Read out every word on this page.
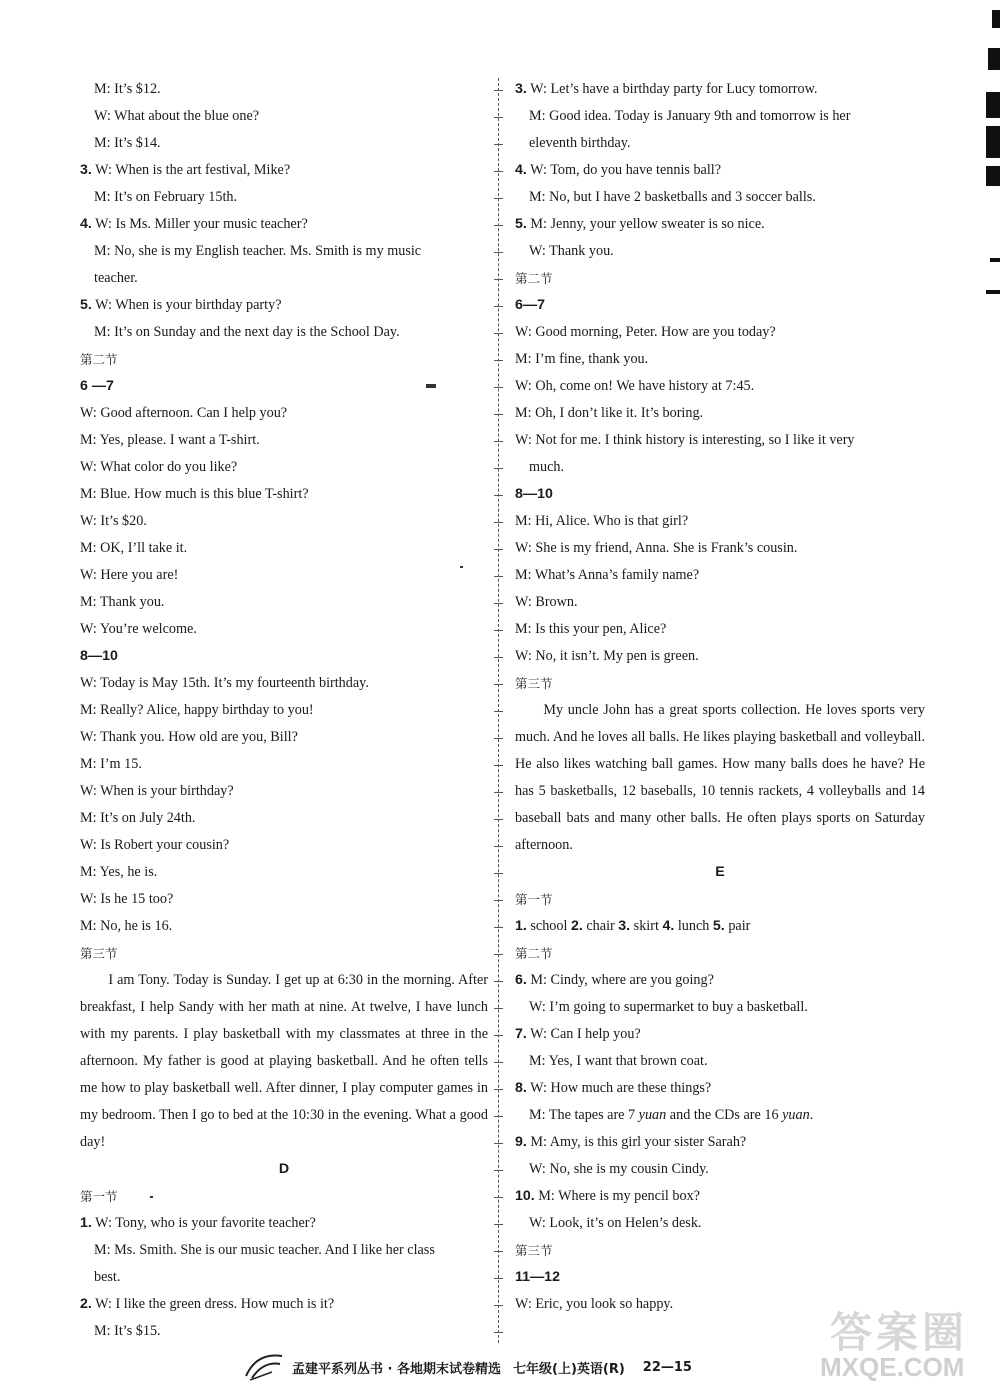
M: It’s $12.
W: What about the blue one?
M: It’s $14.
3. W: When is the art festival, Mike?
M: It’s on February 15th.
4. W: Is Ms. Miller your music teacher?
M: No, she is my English teacher. Ms. Smith is my music
teacher.
5. W: When is your birthday party?
M: It’s on Sunday and the next day is the School Day.
第二节
6 —7
W: Good afternoon. Can I help you?
M: Yes, please. I want a T-shirt.
W: What color do you like?
M: Blue. How much is this blue T-shirt?
W: It’s $20.
M: OK, I’ll take it.
W: Here you are!
M: Thank you.
W: You’re welcome.
8—10
W: Today is May 15th. It’s my fourteenth birthday.
M: Really? Alice, happy birthday to you!
W: Thank you. How old are you, Bill?
M: I’m 15.
W: When is your birthday?
M: It’s on July 24th.
W: Is Robert your cousin?
M: Yes, he is.
W: Is he 15 too?
M: No, he is 16.
第三节
I am Tony. Today is Sunday. I get up at 6:30 in the morning. After breakfast, I help Sandy with her math at nine. At twelve, I have lunch with my parents. I play basketball with my classmates at three in the afternoon. My father is good at playing basketball. And he often tells me how to play basketball well. After dinner, I play computer games in my bedroom. Then I go to bed at the 10:30 in the evening. What a good day!
D
第一节
1. W: Tony, who is your favorite teacher?
M: Ms. Smith. She is our music teacher. And I like her class
best.
2. W: I like the green dress. How much is it?
M: It’s $15.
3. W: Let’s have a birthday party for Lucy tomorrow.
M: Good idea. Today is January 9th and tomorrow is her
eleventh birthday.
4. W: Tom, do you have tennis ball?
M: No, but I have 2 basketballs and 3 soccer balls.
5. M: Jenny, your yellow sweater is so nice.
W: Thank you.
第二节
6—7
W: Good morning, Peter. How are you today?
M: I’m fine, thank you.
W: Oh, come on! We have history at 7:45.
M: Oh, I don’t like it. It’s boring.
W: Not for me. I think history is interesting, so I like it very
much.
8—10
M: Hi, Alice. Who is that girl?
W: She is my friend, Anna. She is Frank’s cousin.
M: What’s Anna’s family name?
W: Brown.
M: Is this your pen, Alice?
W: No, it isn’t. My pen is green.
第三节
My uncle John has a great sports collection. He loves sports very much. And he loves all balls. He likes playing basketball and volleyball. He also likes watching ball games. How many balls does he have? He has 5 basketballs, 12 baseballs, 10 tennis rackets, 4 volleyballs and 14 baseball bats and many other balls. He often plays sports on Saturday afternoon.
E
第一节
1. school 2. chair 3. skirt 4. lunch 5. pair
第二节
6. M: Cindy, where are you going?
W: I’m going to supermarket to buy a basketball.
7. W: Can I help you?
M: Yes, I want that brown coat.
8. W: How much are these things?
M: The tapes are 7 yuan and the CDs are 16 yuan.
9. M: Amy, is this girl your sister Sarah?
W: No, she is my cousin Cindy.
10. M: Where is my pencil box?
W: Look, it’s on Helen’s desk.
第三节
11—12
W: Eric, you look so happy.
答案圈
MXQE.COM
孟建平系列丛书 · 各地期末试卷精选 七年级(上)英语(R) 22—15
